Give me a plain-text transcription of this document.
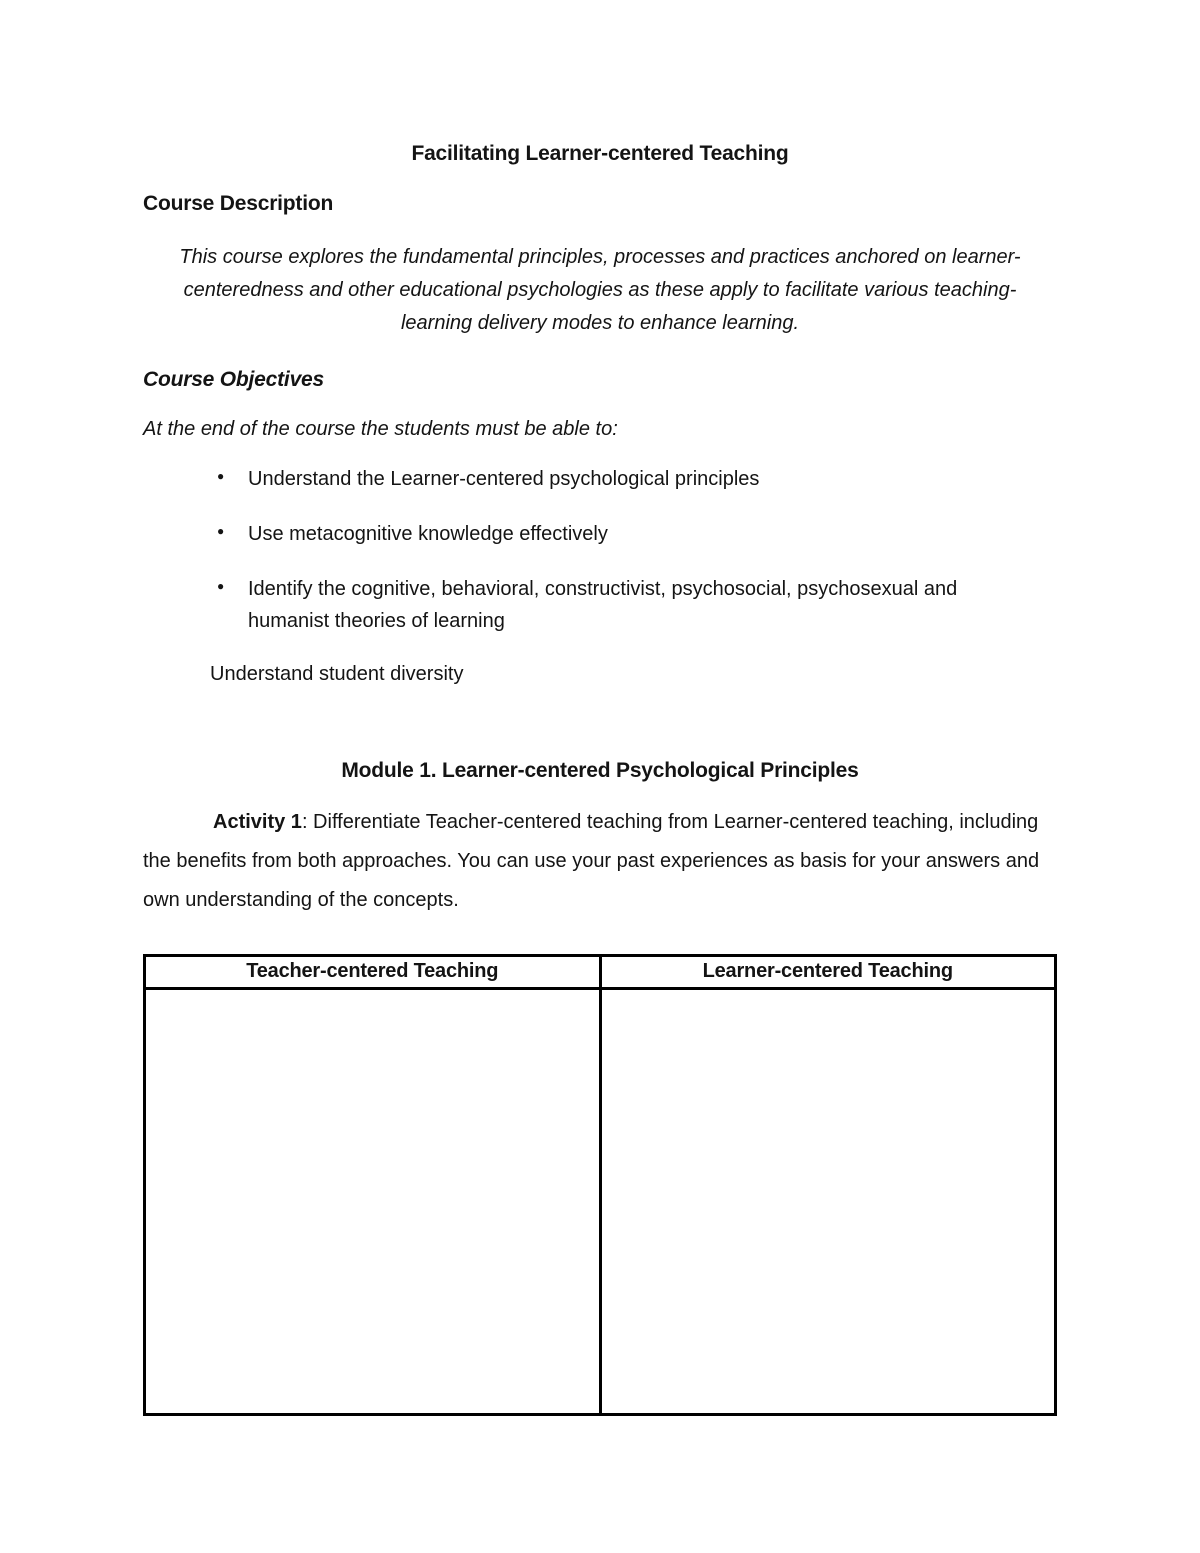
Facilitating Learner-centered Teaching
Course Description
This course explores the fundamental principles, processes and practices anchored on learner-centeredness and other educational psychologies as these apply to facilitate various teaching-learning delivery modes to enhance learning.
Course Objectives
At the end of the course the students must be able to:
● Understand the Learner-centered psychological principles
● Use metacognitive knowledge effectively
● Identify the cognitive, behavioral, constructivist, psychosocial, psychosexual and humanist theories of learning
Understand student diversity
Module 1. Learner-centered Psychological Principles
Activity 1: Differentiate Teacher-centered teaching from Learner-centered teaching, including the benefits from both approaches. You can use your past experiences as basis for your answers and own understanding of the concepts.
Teacher-centered Teaching	Learner-centered Teaching
